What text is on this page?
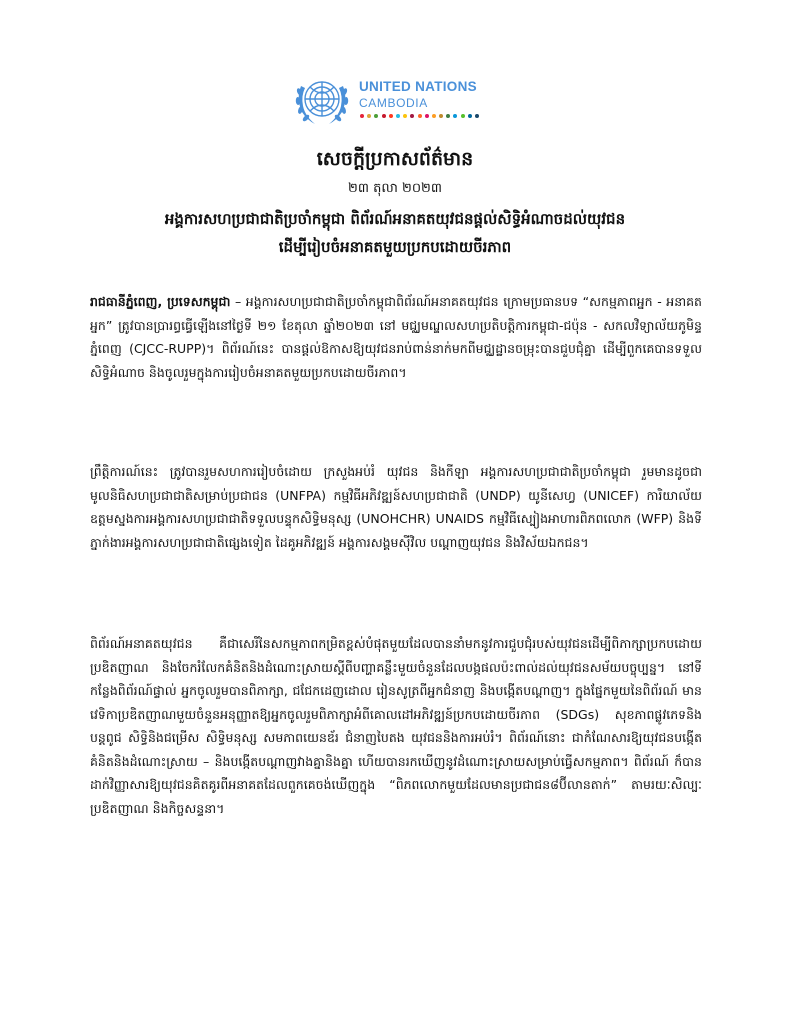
UNITED NATIONS
CAMBODIA
សេចក្តីប្រកាសព័ត៌មាន
២៣ តុលា ២០២៣
អង្គការសហប្រជាជាតិប្រចាំកម្ពុជា ពិព័រណ៍អនាគតយុវជនផ្តល់សិទ្ធិអំណាចដល់យុវជន
ដើម្បីរៀបចំអនាគតមួយប្រកបដោយចីរភាព
រាជធានីភ្នំពេញ, ប្រទេសកម្ពុជា – អង្គការសហប្រជាជាតិប្រចាំកម្ពុជាពិព័រណ៍អនាគតយុវជន ក្រោមប្រធានបទ “សកម្មភាពអ្នក - អនាគតអ្នក” ត្រូវបានប្រារព្ធធ្វើឡើងនៅថ្ងៃទី ២១ ខែតុលា ឆ្នាំ២០២៣ នៅ មជ្ឈមណ្ឌលសហប្រតិបត្តិការកម្ពុជា-ជប៉ុន - សកលវិទ្យាល័យភូមិន្ទភ្នំពេញ (CJCC-RUPP)។ ពិព័រណ៍នេះ បានផ្តល់ឱកាសឱ្យយុវជនរាប់ពាន់នាក់មកពីមជ្ឈដ្ឋានចម្រុះបានជួបជុំគ្នា ដើម្បីពួកគេបានទទួលសិទ្ធិអំណាច និងចូលរួមក្នុងការរៀបចំអនាគតមួយប្រកបដោយចីរភាព។
ព្រឹត្តិការណ៍នេះ ត្រូវបានរួមសហការរៀបចំដោយ ក្រសួងអប់រំ យុវជន និងកីឡា អង្គការសហប្រជាជាតិប្រចាំកម្ពុជា រួមមានដូចជា មូលនិធិសហប្រជាជាតិសម្រាប់ប្រជាជន (UNFPA) កម្មវិធីអភិវឌ្ឍន៍សហប្រជាជាតិ (UNDP) យូនីសេហ្វ (UNICEF) ការិយាល័យឧត្តមស្នងការអង្គការសហប្រជាជាតិទទួលបន្ទុកសិទ្ធិមនុស្ស (UNOHCHR) UNAIDS កម្មវិធីស្បៀងអាហារពិភពលោក (WFP) និងទីភ្នាក់ងារអង្គការសហប្រជាជាតិផ្សេងទៀត ដៃគូអភិវឌ្ឍន៍ អង្គការសង្គមស៊ីវិល បណ្តាញយុវជន និងវិស័យឯកជន។
ពិព័រណ៍អនាគតយុវជន គឺជាសេរីនៃសកម្មភាពកម្រិតខ្ពស់បំផុតមួយដែលបាននាំមកនូវការជួបជុំរបស់យុវជនដើម្បីពិភាក្សាប្រកបដោយប្រឌិតញាណ និងចែករំលែកគំនិតនិងដំណោះស្រាយស្តីពីបញ្ហាគន្លឹះមួយចំនួនដែលបង្កផលប៉ះពាល់ដល់យុវជនសម័យបច្ចុប្បន្ន។ នៅទីកន្លែងពិព័រណ៍ផ្ទាល់ អ្នកចូលរួមបានពិភាក្សា, ជជែកដេញដោល រៀនសូត្រពីអ្នកជំនាញ និងបង្កើតបណ្តាញ។ ក្នុងផ្នែកមួយនៃពិព័រណ៍ មានវេទិកាប្រឌិតញាណមួយចំនួនអនុញ្ញាតឱ្យអ្នកចូលរួមពិភាក្សាអំពីគោលដៅអភិវឌ្ឍន៍ប្រកបដោយចីរភាព (SDGs) សុខភាពផ្លូវភេទនិងបន្តពូជ សិទ្ធិនិងជម្រើស សិទ្ធិមនុស្ស សមភាពយេនឌ័រ ជំនាញបៃតង យុវជននិងការអប់រំ។ ពិព័រណ៍នោះ ជាកំណែសារឱ្យយុវជនបង្កើតគំនិតនិងដំណោះស្រាយ – និងបង្កើតបណ្តាញវាងគ្នានិងគ្នា ហើយបានរកឃើញនូវដំណោះស្រាយសម្រាប់ធ្វើសកម្មភាព។ ពិព័រណ៍ ក៏បានដាក់វិញ្ញាសារឱ្យយុវជនគិតគូរពីអនាគតដែលពួកគេចង់ឃើញក្នុង “ពិភពលោកមួយដែលមានប្រជាជន៨ប៊ីលានតាក់” តាមរយៈសិល្បៈប្រឌិតញាណ និងកិច្ចសន្ទនា។
